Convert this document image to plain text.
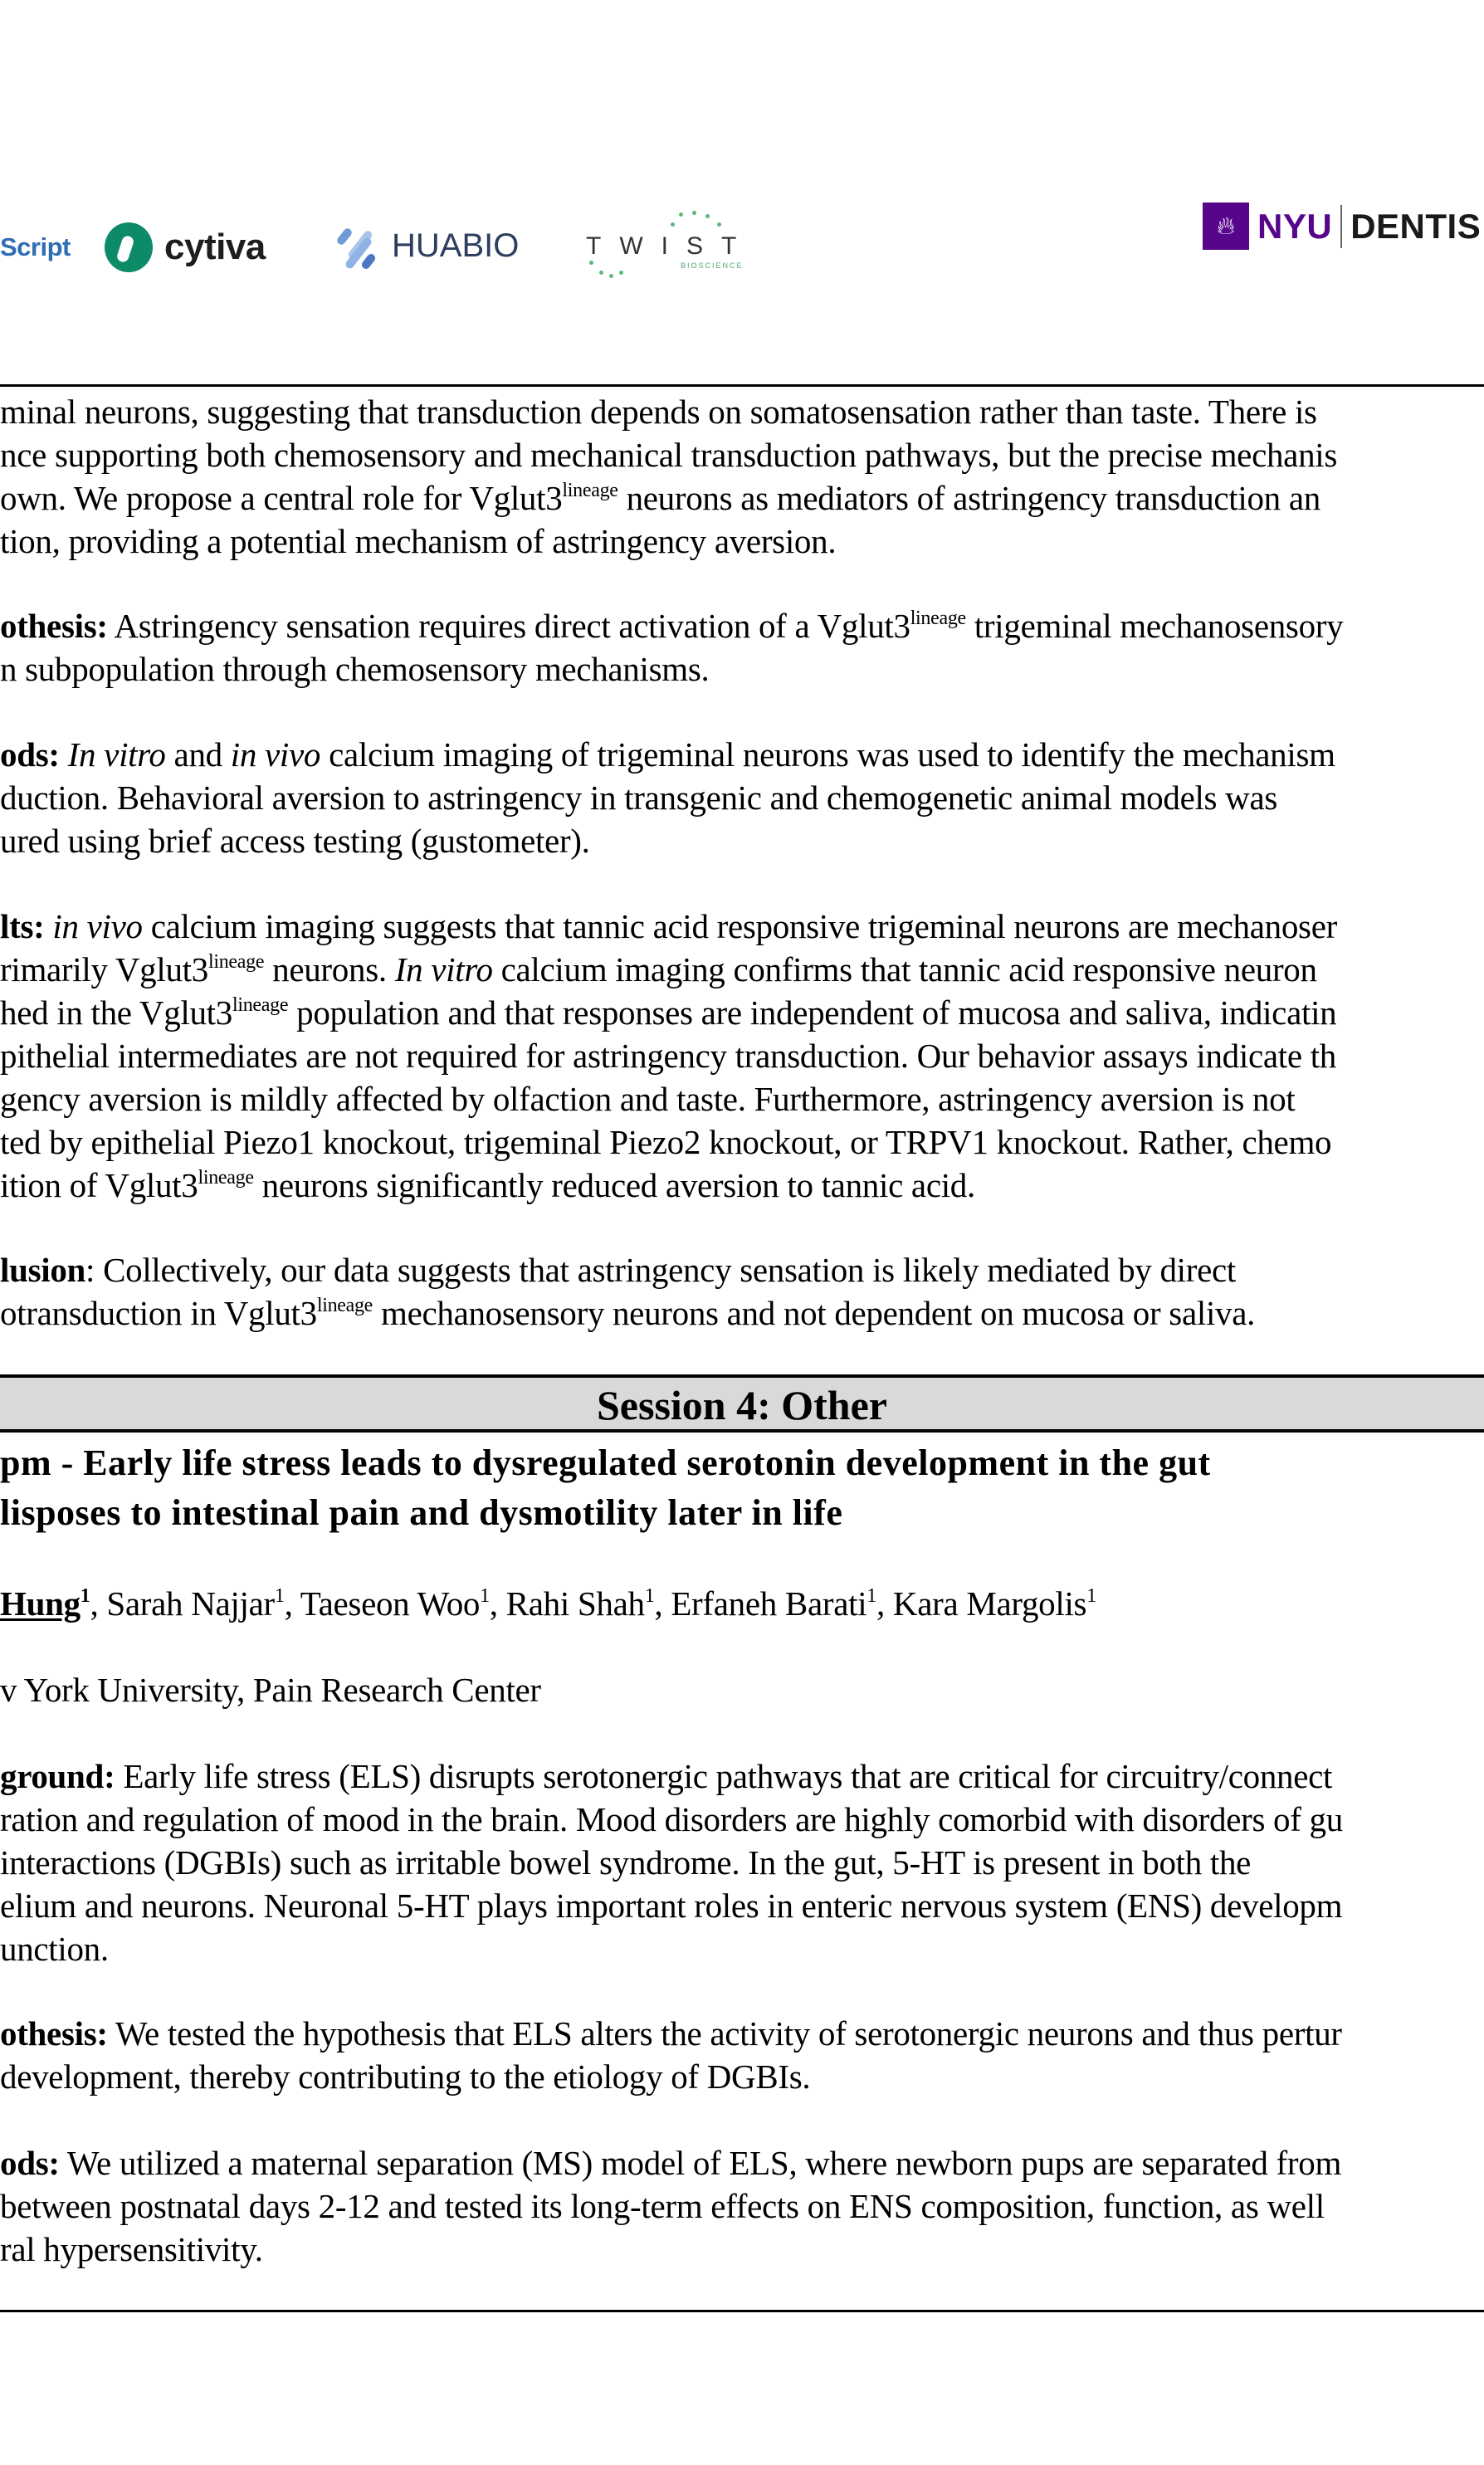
Script	cytiva	HUABIO	TWIST
BIOSCIENCE
🔥︎ NYU DENTIS
minal neurons, suggesting that transduction depends on somatosensation rather than taste. There is
nce supporting both chemosensory and mechanical transduction pathways, but the precise mechanis
own. We propose a central role for $Vglut3^{lineage}$ neurons as mediators of astringency transduction an
tion, providing a potential mechanism of astringency aversion.
othesis: Astringency sensation requires direct activation of a $Vglut3^{lineage}$ trigeminal mechanosensory
n subpopulation through chemosensory mechanisms.
ods: In vitro and in vivo calcium imaging of trigeminal neurons was used to identify the mechanism
duction. Behavioral aversion to astringency in transgenic and chemogenetic animal models was
ured using brief access testing (gustometer).
lts: in vivo calcium imaging suggests that tannic acid responsive trigeminal neurons are mechanoser
rimarily $Vglut3^{lineage}$ neurons. In vitro calcium imaging confirms that tannic acid responsive neuron
hed in the $Vglut3^{lineage}$ population and that responses are independent of mucosa and saliva, indicatin
pithelial intermediates are not required for astringency transduction. Our behavior assays indicate th
gency aversion is mildly affected by olfaction and taste. Furthermore, astringency aversion is not
ted by epithelial Piezo1 knockout, trigeminal Piezo2 knockout, or TRPV1 knockout. Rather, chemo
ition of $Vglut3^{lineage}$ neurons significantly reduced aversion to tannic acid.
lusion: Collectively, our data suggests that astringency sensation is likely mediated by direct
otransduction in $Vglut3^{lineage}$ mechanosensory neurons and not dependent on mucosa or saliva.
Session 4: Other
pm - Early life stress leads to dysregulated serotonin development in the gut
lisposes to intestinal pain and dysmotility later in life
Hung$^1$, Sarah Najjar$^1$, Taeseon Woo$^1$, Rahi Shah$^1$, Erfaneh Barati$^1$, Kara Margolis$^1$
v York University, Pain Research Center
ground: Early life stress (ELS) disrupts serotonergic pathways that are critical for circuitry/connect
ration and regulation of mood in the brain. Mood disorders are highly comorbid with disorders of gu
interactions (DGBIs) such as irritable bowel syndrome. In the gut, 5-HT is present in both the
elium and neurons. Neuronal 5-HT plays important roles in enteric nervous system (ENS) developm
unction.
othesis: We tested the hypothesis that ELS alters the activity of serotonergic neurons and thus pertur
development, thereby contributing to the etiology of DGBIs.
ods: We utilized a maternal separation (MS) model of ELS, where newborn pups are separated from
between postnatal days 2-12 and tested its long-term effects on ENS composition, function, as well
ral hypersensitivity.
